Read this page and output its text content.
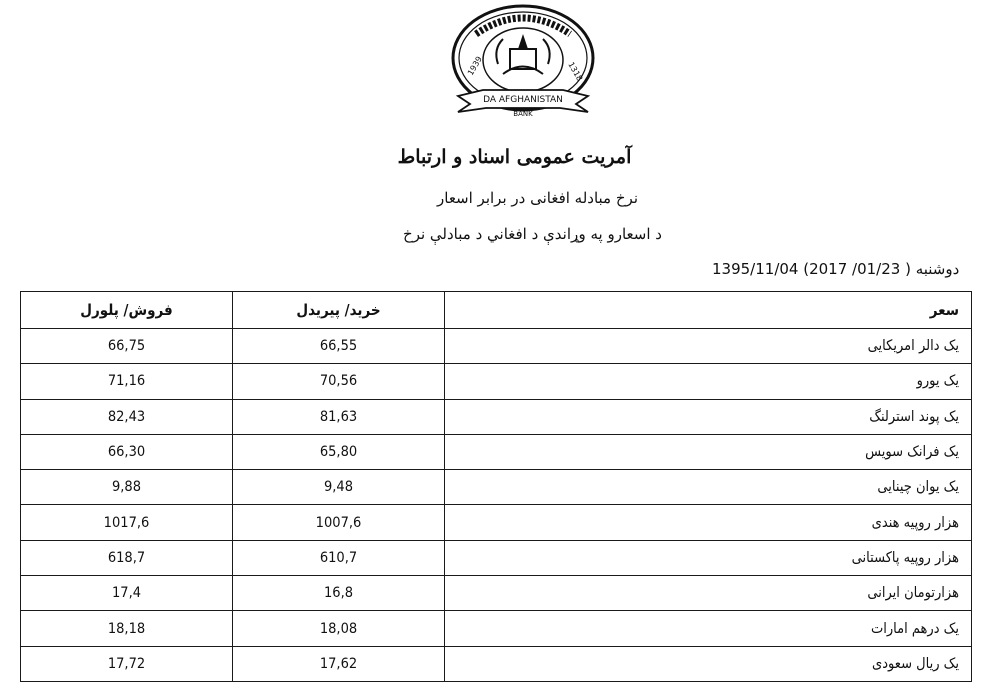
DA AFGHANISTAN
BANK
1939	1318
آمریت عمومی اسناد و ارتباط
نرخ مبادله افغانی در برابر اسعار
د اسعارو په وړاندې د افغاني د مبادلې نرخ
1395/11/04 (2017 /01/23 ) دوشنبه
فروش/ پلورل	خرید/ پیریدل	سعر
66,75	66,55	یک دالر امریکایی
71,16	70,56	یک یورو
82,43	81,63	یک پوند استرلنگ
66,30	65,80	یک فرانک سویس
9,88	9,48	یک یوان چینایی
1017,6	1007,6	هزار روپیه هندی
618,7	610,7	هزار روپیه پاکستانی
17,4	16,8	هزارتومان ایرانی
18,18	18,08	یک درهم امارات
17,72	17,62	یک ریال سعودی
